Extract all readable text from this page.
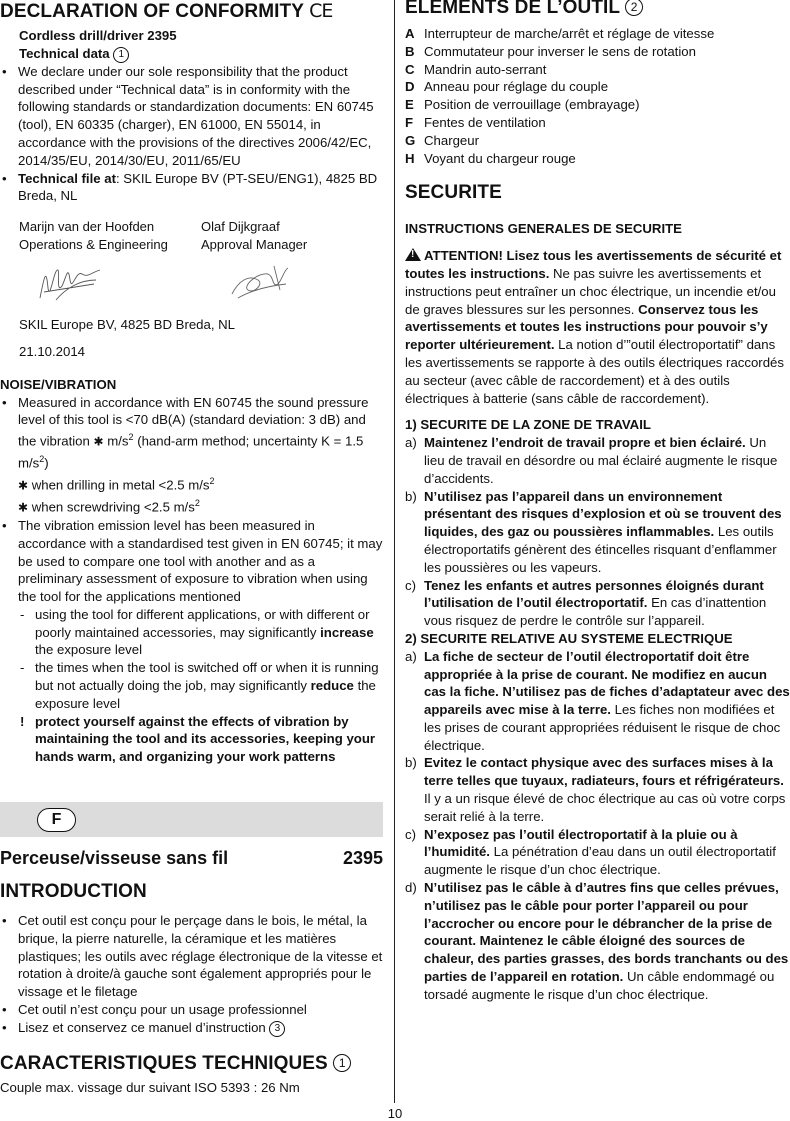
DECLARATION OF CONFORMITY CE

Cordless drill/driver 2395

Technical data 1

• We declare under our sole responsibility that the product described under “Technical data” is in conformity with the following standards or standardization documents: EN 60745 (tool), EN 60335 (charger), EN 61000, EN 55014, in accordance with the provisions of the directives 2006/42/EC, 2014/35/EU, 2014/30/EU, 2011/65/EU

• Technical file at: SKIL Europe BV (PT-SEU/ENG1), 4825 BD Breda, NL

Marijn van der Hoofden
Operations & Engineering
Olaf Dijkgraaf
Approval Manager

SKIL Europe BV, 4825 BD Breda, NL

21.10.2014

NOISE/VIBRATION

• Measured in accordance with EN 60745 the sound pressure level of this tool is <70 dB(A) (standard deviation: 3 dB) and the vibration ✱ $m/s^2$ (hand-arm method; uncertainty K = 1.5 $m/s^2$)
✱ when drilling in metal <2.5 $m/s^2$
✱ when screwdriving <2.5 $m/s^2$

• The vibration emission level has been measured in accordance with a standardised test given in EN 60745; it may be used to compare one tool with another and as a preliminary assessment of exposure to vibration when using the tool for the applications mentioned

- using the tool for different applications, or with different or poorly maintained accessories, may significantly increase the exposure level

- the times when the tool is switched off or when it is running but not actually doing the job, may significantly reduce the exposure level

! protect yourself against the effects of vibration by maintaining the tool and its accessories, keeping your hands warm, and organizing your work patterns

F
Perceuse/visseuse sans fil	2395
INTRODUCTION

• Cet outil est conçu pour le perçage dans le bois, le métal, la brique, la pierre naturelle, la céramique et les matières plastiques; les outils avec réglage électronique de la vitesse et rotation à droite/à gauche sont également appropriés pour le vissage et le filetage

• Cet outil n’est conçu pour un usage professionnel

• Lisez et conservez ce manuel d’instruction 3

CARACTERISTIQUES TECHNIQUES 1

Couple max. vissage dur suivant ISO 5393 : 26 Nm

ELEMENTS DE L’OUTIL 2

A Interrupteur de marche/arrêt et réglage de vitesse

B Commutateur pour inverser le sens de rotation

C Mandrin auto-serrant

D Anneau pour réglage du couple

E Position de verrouillage (embrayage)

F Fentes de ventilation

G Chargeur

H Voyant du chargeur rouge

SECURITE

INSTRUCTIONS GENERALES DE SECURITE

!ATTENTION! Lisez tous les avertissements de sécurité et toutes les instructions. Ne pas suivre les avertissements et instructions peut entraîner un choc électrique, un incendie et/ou de graves blessures sur les personnes. Conservez tous les avertissements et toutes les instructions pour pouvoir s’y reporter ultérieurement. La notion d’”outil électroportatif” dans les avertissements se rapporte à des outils électriques raccordés au secteur (avec câble de raccordement) et à des outils électriques à batterie (sans câble de raccordement).

1) SECURITE DE LA ZONE DE TRAVAIL

a) Maintenez l’endroit de travail propre et bien éclairé. Un lieu de travail en désordre ou mal éclairé augmente le risque d’accidents.

b) N’utilisez pas l’appareil dans un environnement présentant des risques d’explosion et où se trouvent des liquides, des gaz ou poussières inflammables. Les outils électroportatifs génèrent des étincelles risquant d’enflammer les poussières ou les vapeurs.

c) Tenez les enfants et autres personnes éloignés durant l’utilisation de l’outil électroportatif. En cas d’inattention vous risquez de perdre le contrôle sur l’appareil.

2) SECURITE RELATIVE AU SYSTEME ELECTRIQUE

a) La fiche de secteur de l’outil électroportatif doit être appropriée à la prise de courant. Ne modifiez en aucun cas la fiche. N’utilisez pas de fiches d’adaptateur avec des appareils avec mise à la terre. Les fiches non modifiées et les prises de courant appropriées réduisent le risque de choc électrique.

b) Evitez le contact physique avec des surfaces mises à la terre telles que tuyaux, radiateurs, fours et réfrigérateurs. Il y a un risque élevé de choc électrique au cas où votre corps serait relié à la terre.

c) N’exposez pas l’outil électroportatif à la pluie ou à l’humidité. La pénétration d’eau dans un outil électroportatif augmente le risque d’un choc électrique.

d) N’utilisez pas le câble à d’autres fins que celles prévues, n’utilisez pas le câble pour porter l’appareil ou pour l’accrocher ou encore pour le débrancher de la prise de courant. Maintenez le câble éloigné des sources de chaleur, des parties grasses, des bords tranchants ou des parties de l’appareil en rotation. Un câble endommagé ou torsadé augmente le risque d’un choc électrique.

10
